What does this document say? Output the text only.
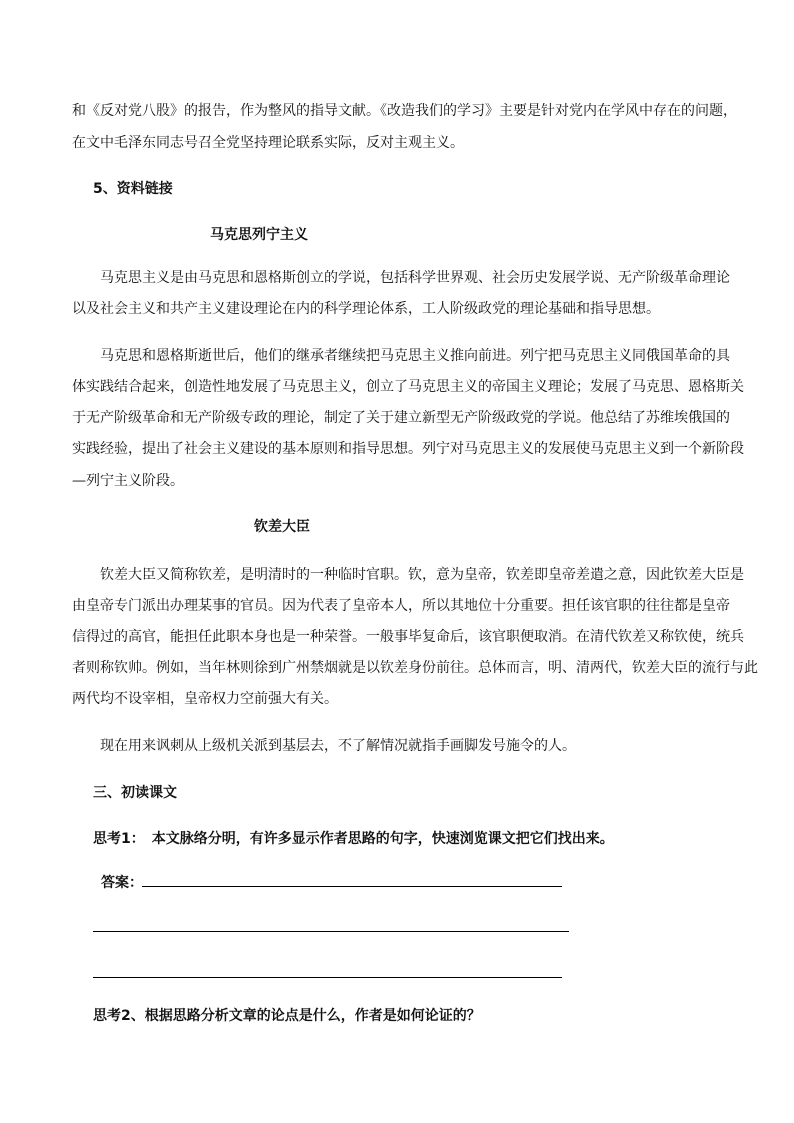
和《反对党八股》的报告，作为整风的指导文献。《改造我们的学习》主要是针对党内在学风中存在的问题，
在文中毛泽东同志号召全党坚持理论联系实际，反对主观主义。
5、资料链接
马克思列宁主义
马克思主义是由马克思和恩格斯创立的学说，包括科学世界观、社会历史发展学说、无产阶级革命理论
以及社会主义和共产主义建设理论在内的科学理论体系，工人阶级政党的理论基础和指导思想。
马克思和恩格斯逝世后，他们的继承者继续把马克思主义推向前进。列宁把马克思主义同俄国革命的具
体实践结合起来，创造性地发展了马克思主义，创立了马克思主义的帝国主义理论；发展了马克思、恩格斯关
于无产阶级革命和无产阶级专政的理论，制定了关于建立新型无产阶级政党的学说。他总结了苏维埃俄国的
实践经验，提出了社会主义建设的基本原则和指导思想。列宁对马克思主义的发展使马克思主义到一个新阶段
—列宁主义阶段。
钦差大臣
钦差大臣又简称钦差，是明清时的一种临时官职。钦，意为皇帝，钦差即皇帝差遣之意，因此钦差大臣是
由皇帝专门派出办理某事的官员。因为代表了皇帝本人，所以其地位十分重要。担任该官职的往往都是皇帝
信得过的高官，能担任此职本身也是一种荣誉。一般事毕复命后，该官职便取消。在清代钦差又称钦使，统兵
者则称钦帅。例如，当年林则徐到广州禁烟就是以钦差身份前往。总体而言，明、清两代，钦差大臣的流行与此
两代均不设宰相，皇帝权力空前强大有关。
现在用来讽刺从上级机关派到基层去，不了解情况就指手画脚发号施令的人。
三、初读课文
思考1：　本文脉络分明，有许多显示作者思路的句字，快速浏览课文把它们找出来。
答案：
思考2、根据思路分析文章的论点是什么，作者是如何论证的？
